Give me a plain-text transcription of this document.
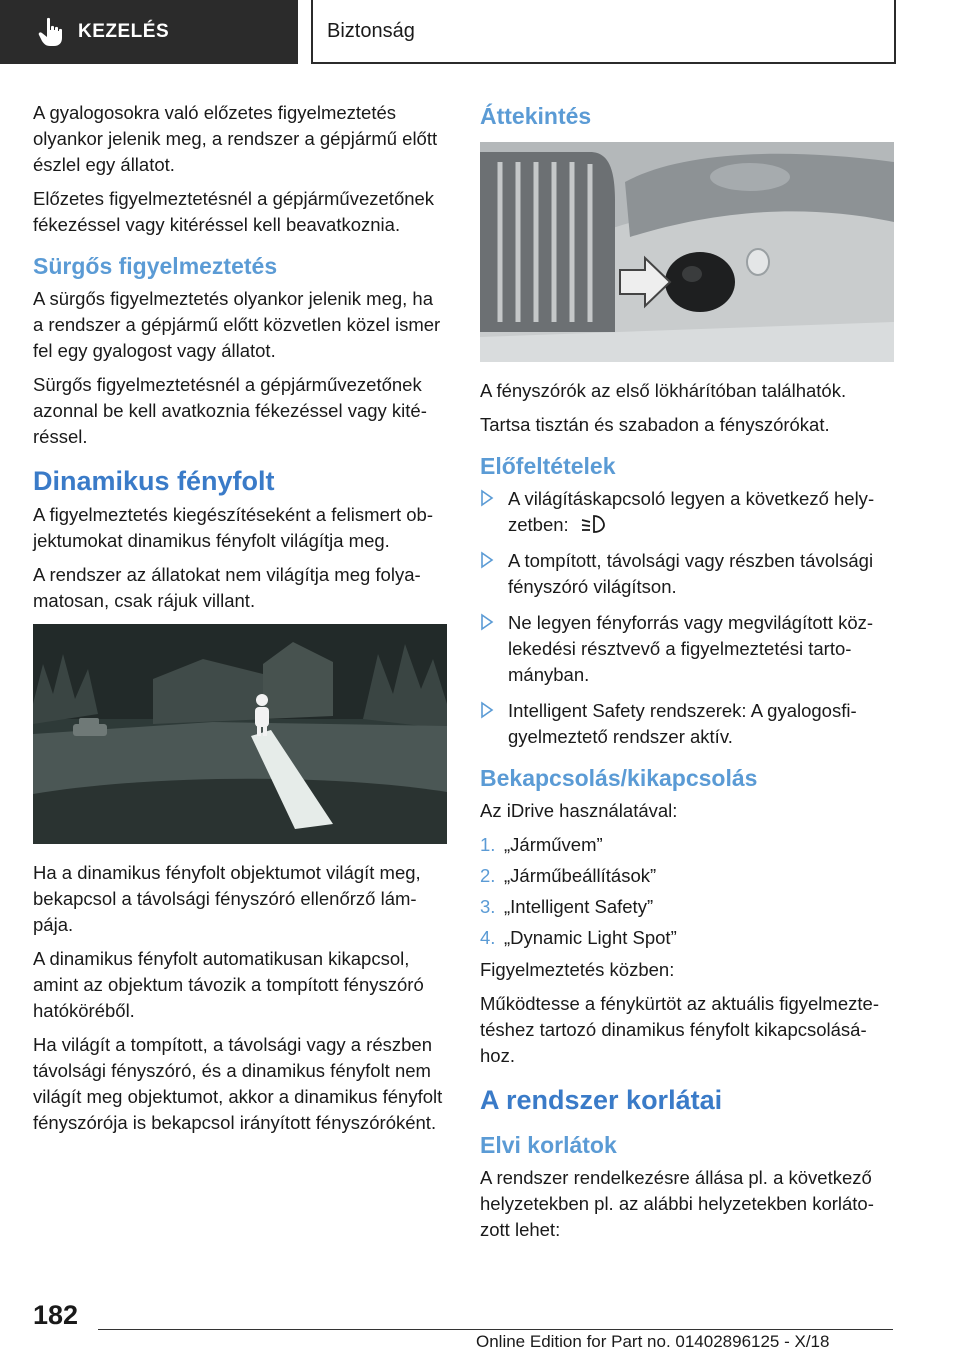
KEZELÉS	Biztonság

A gyalogosokra való előzetes figyelmeztetés olyankor jelenik meg, a rendszer a gépjármű előtt észlel egy állatot.

Előzetes figyelmeztetésnél a gépjárművezetőnek fékezéssel vagy kitéréssel kell beavatkoznia.

Sürgős figyelmeztetés

A sürgős figyelmeztetés olyankor jelenik meg, ha a rendszer a gépjármű előtt közvetlen közel ismer fel egy gyalogost vagy állatot.

Sürgős figyelmeztetésnél a gépjárművezetőnek azonnal be kell avatkoznia fékezéssel vagy kitéréssel.

Dinamikus fényfolt

A figyelmeztetés kiegészítéseként a felismert objektumokat dinamikus fényfolt világítja meg.

A rendszer az állatokat nem világítja meg folyamatosan, csak rájuk villant.

Ha a dinamikus fényfolt objektumot világít meg, bekapcsol a távolsági fényszóró ellenőrző lámpája.

A dinamikus fényfolt automatikusan kikapcsol, amint az objektum távozik a tompított fényszóró hatóköréből.

Ha világít a tompított, a távolsági vagy a részben távolsági fényszóró, és a dinamikus fényfolt nem világít meg objektumot, akkor a dinamikus fényfolt fényszórója is bekapcsol irányított fényszóróként.

Áttekintés

A fényszórók az első lökhárítóban találhatók.

Tartsa tisztán és szabadon a fényszórókat.

Előfeltételek
A világításkapcsoló legyen a következő helyzetben:
A tompított, távolsági vagy részben távolsági fényszóró világítson.
Ne legyen fényforrás vagy megvilágított közlekedési résztvevő a figyelmeztetési tartományban.
Intelligent Safety rendszerek: A gyalogosfigyelmeztető rendszer aktív.
Bekapcsolás/kikapcsolás

Az iDrive használatával:

1. „Járművem”
2. „Járműbeállítások”
3. „Intelligent Safety”
4. „Dynamic Light Spot”

Figyelmeztetés közben:

Működtesse a fénykürtöt az aktuális figyelmeztetéshez tartozó dinamikus fényfolt kikapcsolásához.

A rendszer korlátai
Elvi korlátok

A rendszer rendelkezésre állása pl. a következő helyzetekben pl. az alábbi helyzetekben korlátozott lehet:

182
Online Edition for Part no. 01402896125 - X/18
